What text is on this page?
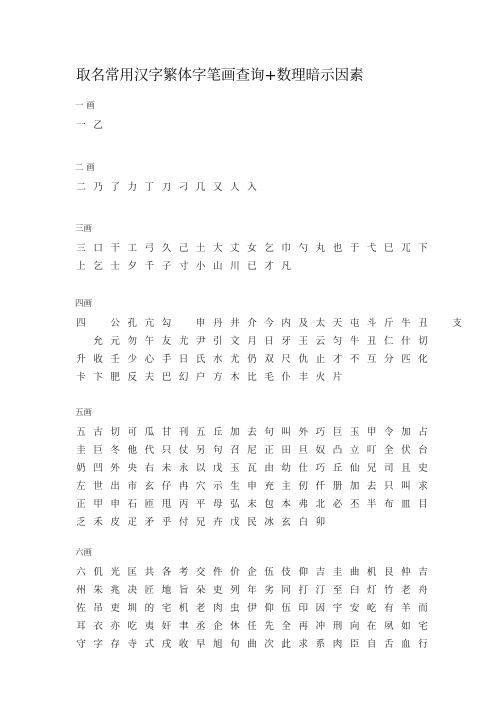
取名常用汉字繁体字笔画查询+数理暗示因素
一 画
一 乙
二 画
二 乃 了 力 丁 刀 刁 几 又 人 入
三画
三 口 干 工 弓 久 己 土 大 丈 女 乞 巾 勺 丸 也 于 弋 巳 兀 下
上 乞 士 夕 千 子 寸 小 山 川 已 才 凡
四画
四	公 孔 亢 勾	申 丹 井 介 今 内 及 太 天 屯 斗 斤 牛 丑	支
允 元 勿 午 友 尤 尹 引 文 月 日 牙 王 云 匀 牛 丑 仁 什 切
升 收 壬 少 心 手 日 氏 水 尤 仍 双 尺 仇 止 才 不 互 分 匹 化
卡 卞 肥 反 夫 巴 幻 户 方 木 比 毛 仆 丰 火 片
五画
五 古 切 可 瓜 甘 刊 五 丘 加 去 句 叫 外 巧 巨 玉 甲 令 加 占
圭 巨 冬 他 代 只 仗 另 句 召 尼 正 田 旦 奴 凸 立 叮 全 伏 台
奶 凹 外 央 右 未 永 以 戊 玉 瓦 由 幼 仕 巧 丘 仙 兄 司 且 史
左 世 出 市 玄 仔 冉 穴 示 生 申 充 主 仞 仟 册 加 去 只 叫 求
正 甲 申 石 匝 甩 丙 平 母 弘 末 包 本 弗 北 必 丕 半 布 皿 目
乏 禾 皮 疋 矛 乎 付 兄 卉 戊 民 冰 玄 白 卯
六画
六 仉 光 匡 共 各 考 交 件 价 企 伍 伎 仰 吉 圭 曲 机 艮 仲 吉
州 朱 兆 决 匠 地 旨 朵 吏 列 年 劣 同 打 汀 至 臼 灯 竹 老 舟
佐 吊 吏 圳 的 宅 机 老 肉 虫 伊 仰 伍 印 因 宇 安 屹 有 羊 而
耳 衣 亦 吃 夷 奸 聿 丞 企 休 任 先 全 再 冲 刑 向 在 夙 如 宅
守 字 存 寺 式 戌 收 早 旭 旬 曲 次 此 求 系 肉 臣 自 舌 血 行
